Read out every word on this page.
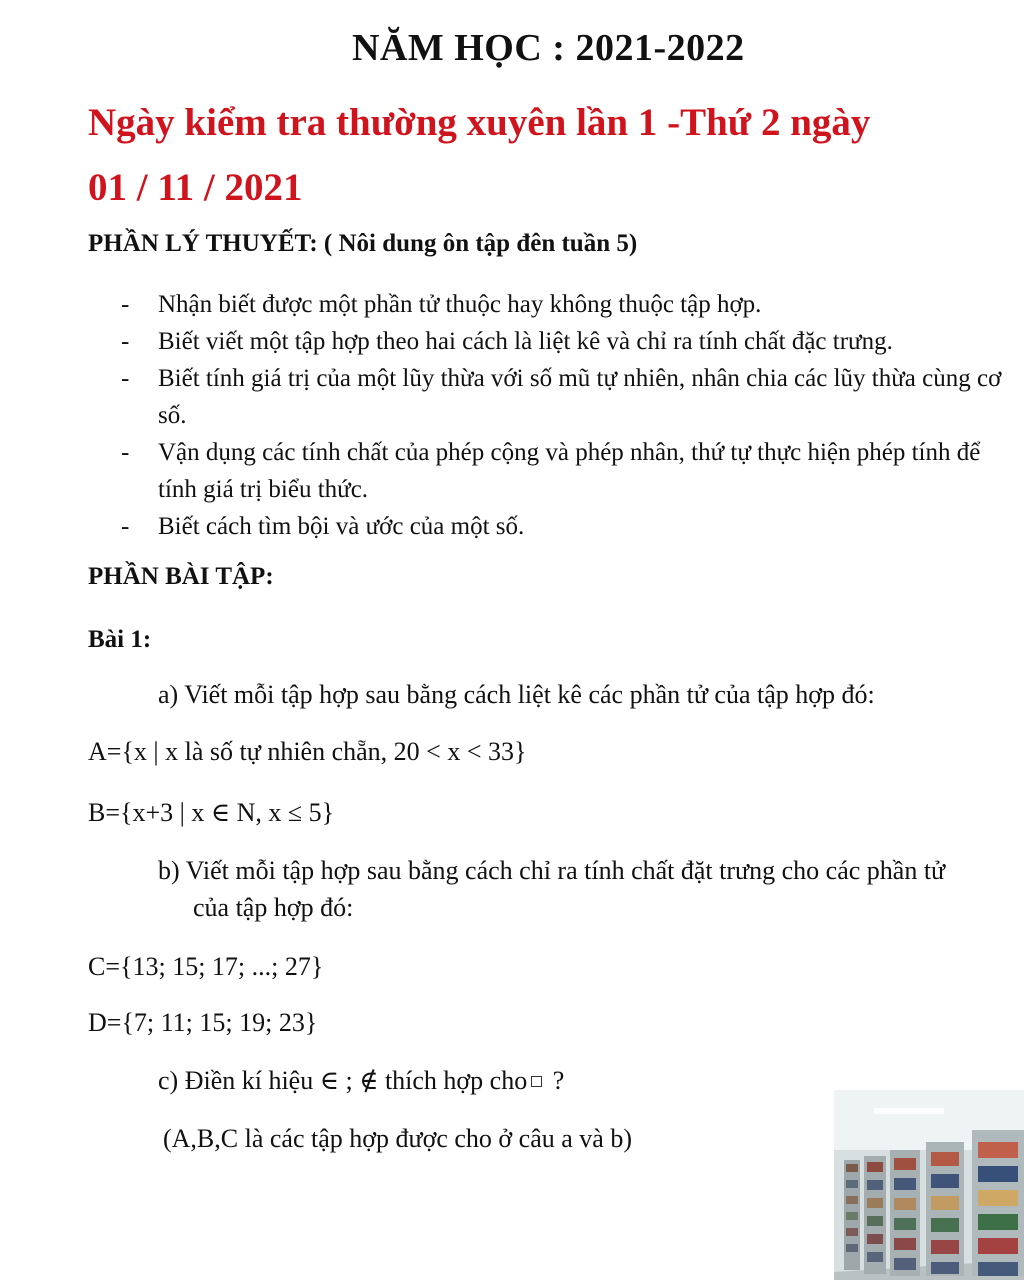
NĂM HỌC : 2021-2022
Ngày kiểm tra thường xuyên lần 1 -Thứ 2 ngày
01 / 11 / 2021
PHẦN LÝ THUYẾT: ( Nôi dung ôn tập đên tuần 5)
- Nhận biết được một phần tử thuộc hay không thuộc tập hợp.
- Biết viết một tập hợp theo hai cách là liệt kê và chỉ ra tính chất đặc trưng.
- Biết tính giá trị của một lũy thừa với số mũ tự nhiên, nhân chia các lũy thừa cùng cơ số.
- Vận dụng các tính chất của phép cộng và phép nhân, thứ tự thực hiện phép tính để tính giá trị biểu thức.
- Biết cách tìm bội và ước của một số.
PHẦN BÀI TẬP:
Bài 1:
a) Viết mỗi tập hợp sau bằng cách liệt kê các phần tử của tập hợp đó:
A={x | x là số tự nhiên chẵn, 20 < x < 33}
B={x+3 | x ∈ N, x ≤ 5}
b) Viết mỗi tập hợp sau bằng cách chỉ ra tính chất đặt trưng cho các phần tử
của tập hợp đó:
C={13; 15; 17; ...; 27}
D={7; 11; 15; 19; 23}
c) Điền kí hiệu ∈ ; ∉ thích hợp cho ?
(A,B,C là các tập hợp được cho ở câu a và b)
